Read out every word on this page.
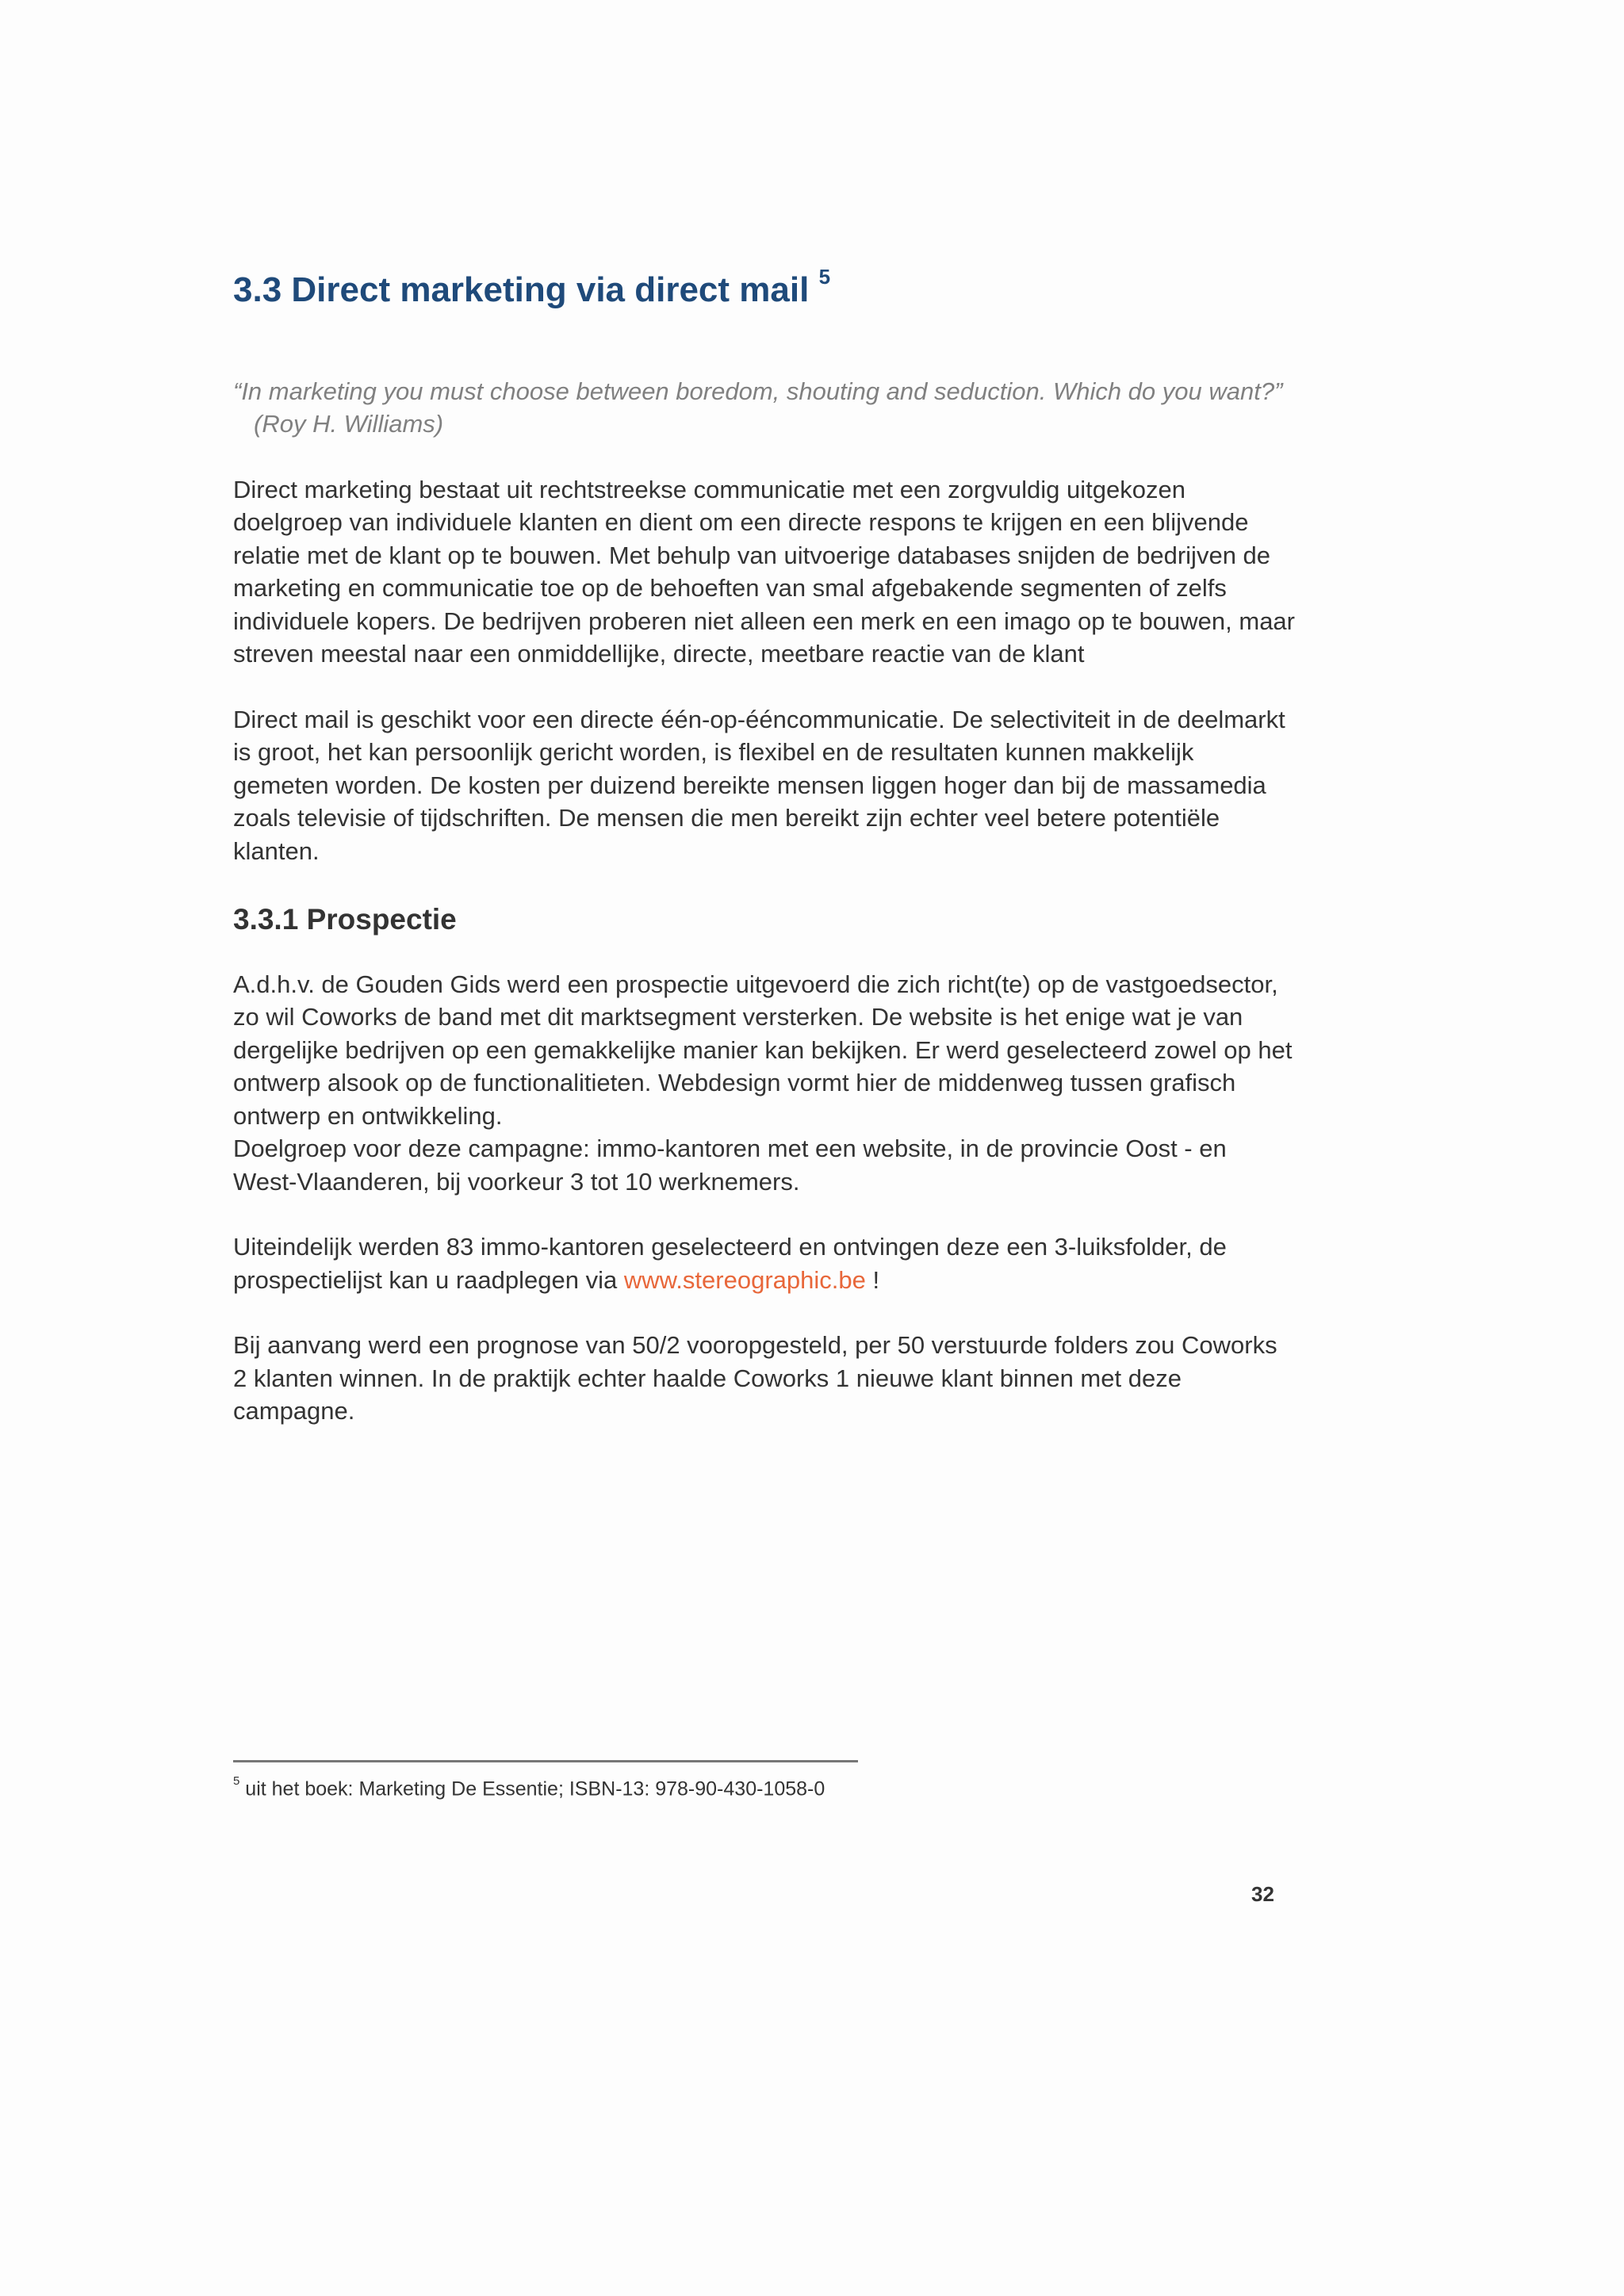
3.3 Direct marketing via direct mail $^5$
“In marketing you must choose between boredom, shouting and seduction. Which do you want?”
(Roy H. Williams)

Direct marketing bestaat uit rechtstreekse communicatie met een zorgvuldig uitgekozen doelgroep van individuele klanten en dient om een directe respons te krijgen en een blijvende relatie met de klant op te bouwen. Met behulp van uitvoerige databases snijden de bedrijven de marketing en communicatie toe op de behoeften van smal afgebakende segmenten of zelfs individuele kopers. De bedrijven proberen niet alleen een merk en een imago op te bouwen, maar streven meestal naar een onmiddellijke, directe, meetbare reactie van de klant

Direct mail is geschikt voor een directe één-op-ééncommunicatie. De selectiviteit in de deelmarkt is groot, het kan persoonlijk gericht worden, is flexibel en de resultaten kunnen makkelijk gemeten worden. De kosten per duizend bereikte mensen liggen hoger dan bij de massamedia zoals televisie of tijdschriften. De mensen die men bereikt zijn echter veel betere potentiële klanten.

3.3.1 Prospectie

A.d.h.v. de Gouden Gids werd een prospectie uitgevoerd die zich richt(te) op de vastgoedsector, zo wil Coworks de band met dit marktsegment versterken. De website is het enige wat je van dergelijke bedrijven op een gemakkelijke manier kan bekijken. Er werd geselecteerd zowel op het ontwerp alsook op de functionalitieten. Webdesign vormt hier de middenweg tussen grafisch ontwerp en ontwikkeling.

Doelgroep voor deze campagne: immo-kantoren met een website, in de provincie Oost - en West-Vlaanderen, bij voorkeur 3 tot 10 werknemers.

Uiteindelijk werden 83 immo-kantoren geselecteerd en ontvingen deze een 3-luiksfolder, de prospectielijst kan u raadplegen via www.stereographic.be !

Bij aanvang werd een prognose van 50/2 vooropgesteld, per 50 verstuurde folders zou Coworks 2 klanten winnen. In de praktijk echter haalde Coworks 1 nieuwe klant binnen met deze campagne.

$^5$ uit het boek: Marketing De Essentie; ISBN-13: 978-90-430-1058-0
32
